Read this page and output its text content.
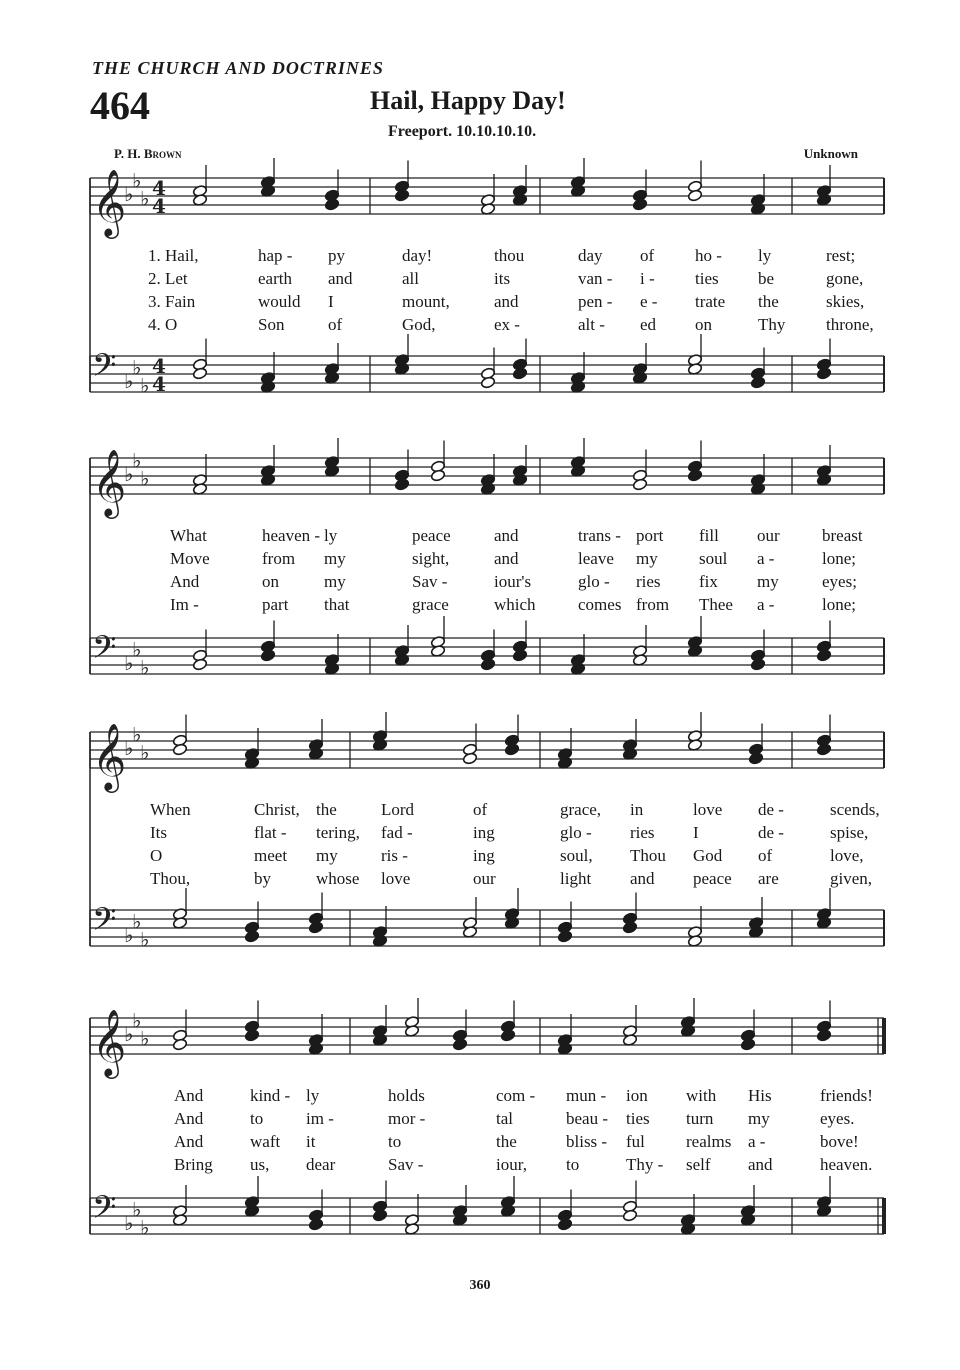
THE CHURCH AND DOCTRINES
464	Hail, Happy Day!
Freeport. 10.10.10.10.
P. H. Brown	Unknown
𝄞
♭
♭
♭ 4
4
𝄢 ♭
♭
♭
4
4
1. Hail,	hap - py	day!	thou	day of ho - ly	rest;
2. Let	earth and	all	its	van - i - ties be	gone,
3. Fain	would I	mount,	and	pen - e - trate the	skies,
4. O	Son	of	God,	ex -	alt - ed on	Thy throne,
𝄞
♭
♭
♭
𝄢 ♭
♭
♭
What	heaven - ly	peace	and	trans - port fill our breast
Move	from my	sight,	and	leave my soul a -	lone;
And	on	my	Sav -	iour's	glo - ries fix my	eyes;
Im -	part that	grace	which comes from Thee a -	lone;
𝄞
♭
♭
♭
𝄢 ♭
♭
♭
When	Christ, the	Lord	of	grace, in	love de -	scends,
Its	flat - tering, fad -	ing	glo - ries I	de -	spise,
O	meet my	ris -	ing	soul, Thou God of	love,
Thou,	by	whose love	our	light and peace are	given,
𝄞
♭
♭
♭
𝄢 ♭
♭
♭
And	kind - ly	holds	com - mun - ion with His	friends!
And	to	im -	mor -	tal	beau - ties turn my	eyes.
And	waft it	to	the	bliss - ful realms a -	bove!
Bring us, dear	Sav -	iour, to	Thy - self and	heaven.
360
